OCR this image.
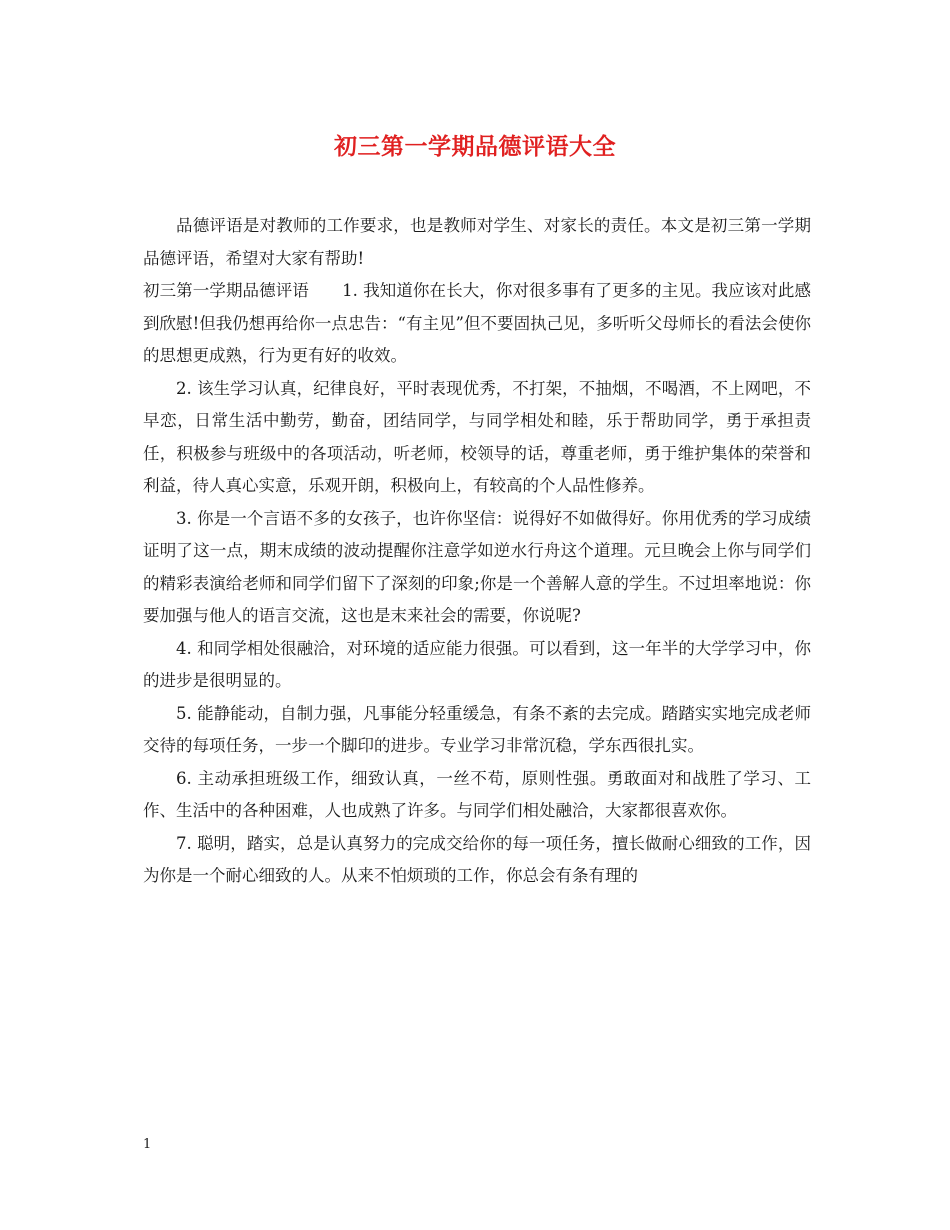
初三第一学期品德评语大全

品德评语是对教师的工作要求，也是教师对学生、对家长的责任。本文是初三第一学期品德评语，希望对大家有帮助!

初三第一学期品德评语　　1. 我知道你在长大，你对很多事有了更多的主见。我应该对此感到欣慰!但我仍想再给你一点忠告：“有主见”但不要固执己见，多听听父母师长的看法会使你的思想更成熟，行为更有好的收效。

2. 该生学习认真，纪律良好，平时表现优秀，不打架，不抽烟，不喝酒，不上网吧，不早恋，日常生活中勤劳，勤奋，团结同学，与同学相处和睦，乐于帮助同学，勇于承担责任，积极参与班级中的各项活动，听老师，校领导的话，尊重老师，勇于维护集体的荣誉和利益，待人真心实意，乐观开朗，积极向上，有较高的个人品性修养。

3. 你是一个言语不多的女孩子，也许你坚信：说得好不如做得好。你用优秀的学习成绩证明了这一点，期末成绩的波动提醒你注意学如逆水行舟这个道理。元旦晚会上你与同学们的精彩表演给老师和同学们留下了深刻的印象;你是一个善解人意的学生。不过坦率地说：你要加强与他人的语言交流，这也是末来社会的需要，你说呢?

4. 和同学相处很融洽，对环境的适应能力很强。可以看到，这一年半的大学学习中，你的进步是很明显的。

5. 能静能动，自制力强，凡事能分轻重缓急，有条不紊的去完成。踏踏实实地完成老师交待的每项任务，一步一个脚印的进步。专业学习非常沉稳，学东西很扎实。

6. 主动承担班级工作，细致认真，一丝不苟，原则性强。勇敢面对和战胜了学习、工作、生活中的各种困难，人也成熟了许多。与同学们相处融洽，大家都很喜欢你。

7. 聪明，踏实，总是认真努力的完成交给你的每一项任务，擅长做耐心细致的工作，因为你是一个耐心细致的人。从来不怕烦琐的工作，你总会有条有理的

1
